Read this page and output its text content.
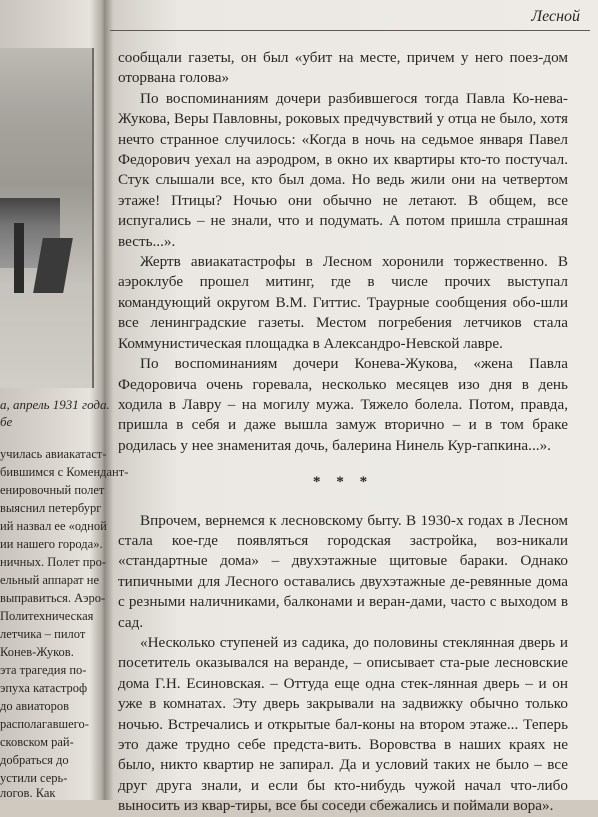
а, апрель 1931 года.
бе
училась авиакатаст-
бившимся с Комендант-
енировочный полет
выяснил петербург
ий назвал ее «одной
ии нашего города».
ничных. Полет про-
ельный аппарат не
выправиться. Аэро-
Политехническая
летчика – пилот
Конев-Жуков.
эта трагедия по-
эпуха катастроф
до авиаторов
располагавшего-
сковском рай-
добраться до
устили серь-
логов. Как
Лесной

сообщали газеты, он был «убит на месте, причем у него поез-дом оторвана голова»

По воспоминаниям дочери разбившегося тогда Павла Ко-нева-Жукова, Веры Павловны, роковых предчувствий у отца не было, хотя нечто странное случилось: «Когда в ночь на седьмое января Павел Федорович уехал на аэродром, в окно их квартиры кто-то постучал. Стук слышали все, кто был дома. Но ведь жили они на четвертом этаже! Птицы? Ночью они обычно не летают. В общем, все испугались – не знали, что и подумать. А потом пришла страшная весть...».

Жертв авиакатастрофы в Лесном хоронили торжественно. В аэроклубе прошел митинг, где в числе прочих выступал командующий округом В.М. Гиттис. Траурные сообщения обо-шли все ленинградские газеты. Местом погребения летчиков стала Коммунистическая площадка в Александро-Невской лавре.

По воспоминаниям дочери Конева-Жукова, «жена Павла Федоровича очень горевала, несколько месяцев изо дня в день ходила в Лавру – на могилу мужа. Тяжело болела. Потом, правда, пришла в себя и даже вышла замуж вторично – и в том браке родилась у нее знаменитая дочь, балерина Нинель Кур-гапкина...».

* * *

Впрочем, вернемся к лесновскому быту. В 1930-х годах в Лесном стала кое-где появляться городская застройка, воз-никали «стандартные дома» – двухэтажные щитовые бараки. Однако типичными для Лесного оставались двухэтажные де-ревянные дома с резными наличниками, балконами и веран-дами, часто с выходом в сад.

«Несколько ступеней из садика, до половины стеклянная дверь и посетитель оказывался на веранде, – описывает ста-рые лесновские дома Г.Н. Есиновская. – Оттуда еще одна стек-лянная дверь – и он уже в комнатах. Эту дверь закрывали на задвижку обычно только ночью. Встречались и открытые бал-коны на втором этаже... Теперь это даже трудно себе предста-вить. Воровства в наших краях не было, никто квартир не запирал. Да и условий таких не было – все друг друга знали, и если бы кто-нибудь чужой начал что-либо выносить из квар-тиры, все бы соседи сбежались и поймали вора».
